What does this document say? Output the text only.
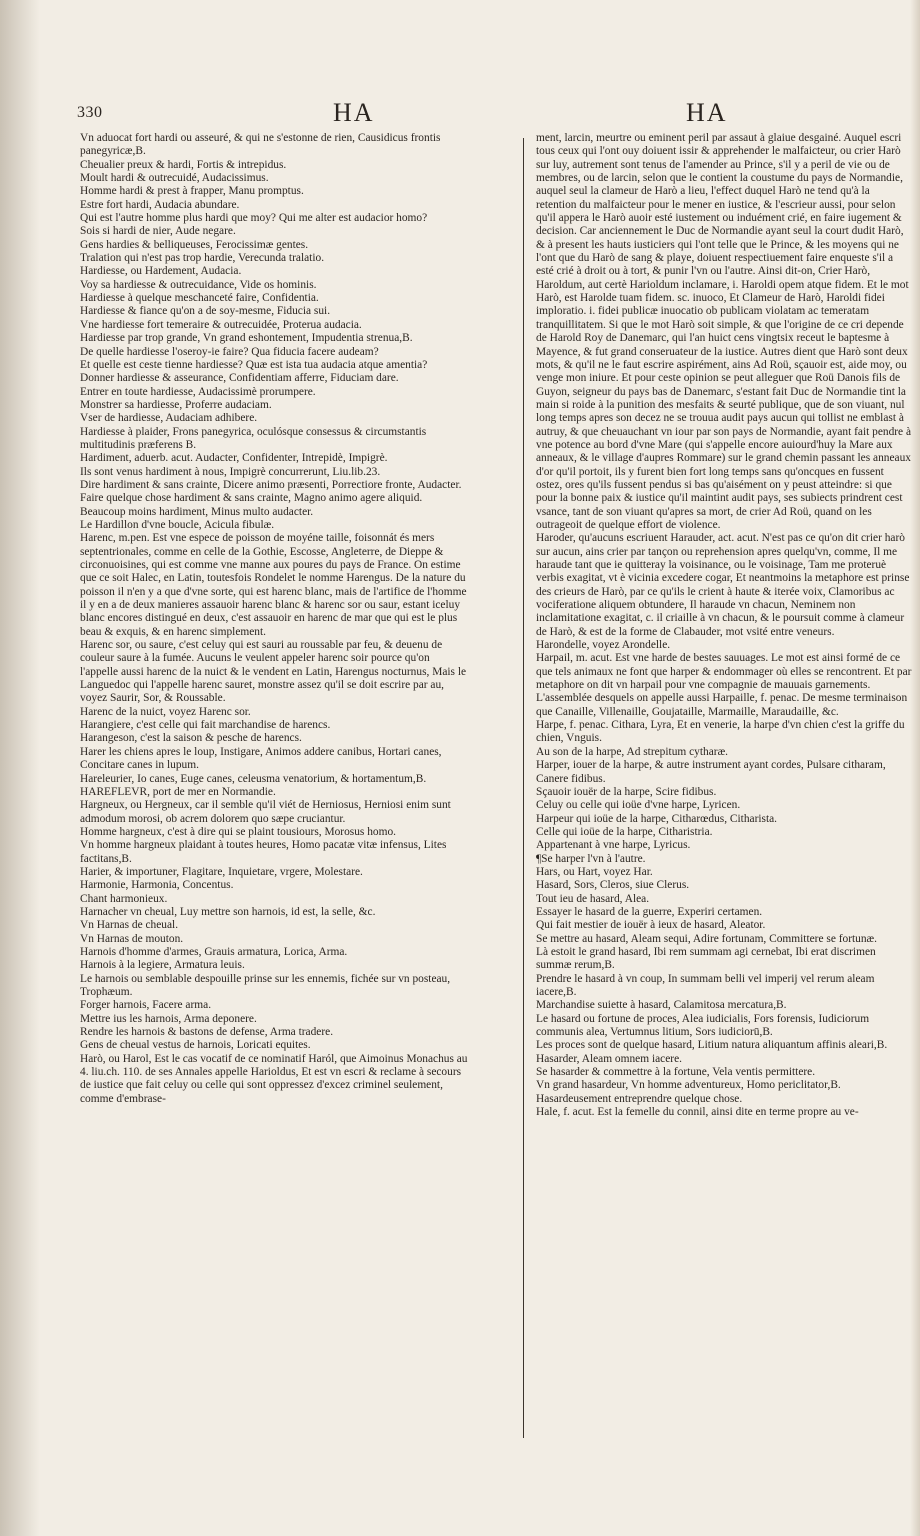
330	HA	HA
Vn aduocat fort hardi ou asseuré, & qui ne s'estonne de rien, Causidicus frontis panegyricæ,B.
Cheualier preux & hardi, Fortis & intrepidus.
Moult hardi & outrecuidé, Audacissimus.
Homme hardi & prest à frapper, Manu promptus.
Estre fort hardi, Audacia abundare.
Qui est l'autre homme plus hardi que moy? Qui me alter est audacior homo?
Sois si hardi de nier, Aude negare.
Gens hardies & belliqueuses, Ferocissimæ gentes.
Tralation qui n'est pas trop hardie, Verecunda tralatio.
Hardiesse, ou Hardement, Audacia.
Voy sa hardiesse & outrecuidance, Vide os hominis.
Hardiesse à quelque meschanceté faire, Confidentia.
Hardiesse & fiance qu'on a de soy-mesme, Fiducia sui.
Vne hardiesse fort temeraire & outrecuidée, Proterua audacia.
Hardiesse par trop grande, Vn grand eshontement, Impudentia strenua,B.
De quelle hardiesse l'oseroy-ie faire? Qua fiducia facere audeam?
Et quelle est ceste tienne hardiesse? Quæ est ista tua audacia atque amentia?
Donner hardiesse & asseurance, Confidentiam afferre, Fiduciam dare.
Entrer en toute hardiesse, Audacissimè prorumpere.
Monstrer sa hardiesse, Proferre audaciam.
Vser de hardiesse, Audaciam adhibere.
Hardiesse à plaider, Frons panegyrica, oculósque consessus & circumstantis multitudinis præferens B.
Hardiment, aduerb. acut. Audacter, Confidenter, Intrepidè, Impigrè.
Ils sont venus hardiment à nous, Impigrè concurrerunt, Liu.lib.23.
Dire hardiment & sans crainte, Dicere animo præsenti, Porrectiore fronte, Audacter.
Faire quelque chose hardiment & sans crainte, Magno animo agere aliquid.
Beaucoup moins hardiment, Minus multo audacter.
Le Hardillon d'vne boucle, Acicula fibulæ.
Harenc, m.pen. Est vne espece de poisson de moyéne taille, foisonnát és mers septentrionales, comme en celle de la Gothie, Escosse, Angleterre, de Dieppe & circonuoisines, qui est comme vne manne aux poures du pays de France. On estime que ce soit Halec, en Latin, toutesfois Rondelet le nomme Harengus. De la nature du poisson il n'en y a que d'vne sorte, qui est harenc blanc, mais de l'artifice de l'homme il y en a de deux manieres assauoir harenc blanc & harenc sor ou saur, estant iceluy blanc encores distingué en deux, c'est assauoir en harenc de mar que qui est le plus beau & exquis, & en harenc simplement.
Harenc sor, ou saure, c'est celuy qui est sauri au roussable par feu, & deuenu de couleur saure à la fumée. Aucuns le veulent appeler harenc soir pource qu'on l'appelle aussi harenc de la nuict & le vendent en Latin, Harengus nocturnus, Mais le Languedoc qui l'appelle harenc sauret, monstre assez qu'il se doit escrire par au, voyez Saurir, Sor, & Roussable.
Harenc de la nuict, voyez Harenc sor.
Harangiere, c'est celle qui fait marchandise de harencs.
Harangeson, c'est la saison & pesche de harencs.
Harer les chiens apres le loup, Instigare, Animos addere canibus, Hortari canes, Concitare canes in lupum.
Hareleurier, Io canes, Euge canes, celeusma venatorium, & hortamentum,B.
HAREFLEVR, port de mer en Normandie.
Hargneux, ou Hergneux, car il semble qu'il viét de Herniosus, Herniosi enim sunt admodum morosi, ob acrem dolorem quo sæpe cruciantur.
Homme hargneux, c'est à dire qui se plaint tousiours, Morosus homo.
Vn homme hargneux plaidant à toutes heures, Homo pacatæ vitæ infensus, Lites factitans,B.
Harier, & importuner, Flagitare, Inquietare, vrgere, Molestare.
Harmonie, Harmonia, Concentus.
Chant harmonieux.
Harnacher vn cheual, Luy mettre son harnois, id est, la selle, &c.
Vn Harnas de cheual.
Vn Harnas de mouton.
Harnois d'homme d'armes, Grauis armatura, Lorica, Arma.
Harnois à la legiere, Armatura leuis.
Le harnois ou semblable despouille prinse sur les ennemis, fichée sur vn posteau, Trophæum.
Forger harnois, Facere arma.
Mettre ius les harnois, Arma deponere.
Rendre les harnois & bastons de defense, Arma tradere.
Gens de cheual vestus de harnois, Loricati equites.
Harò, ou Harol, Est le cas vocatif de ce nominatif Haról, que Aimoinus Monachus au 4. liu.ch. 110. de ses Annales appelle Harioldus, Et est vn escri & reclame à secours de iustice que fait celuy ou celle qui sont oppressez d'excez criminel seulement, comme d'embrase-
ment, larcin, meurtre ou eminent peril par assaut à glaiue desgainé. Auquel escri tous ceux qui l'ont ouy doiuent issir & apprehender le malfaicteur, ou crier Harò sur luy, autrement sont tenus de l'amender au Prince, s'il y a peril de vie ou de membres, ou de larcin, selon que le contient la coustume du pays de Normandie, auquel seul la clameur de Harò a lieu, l'effect duquel Harò ne tend qu'à la retention du malfaicteur pour le mener en iustice, & l'escrieur aussi, pour selon qu'il appera le Harò auoir esté iustement ou induément crié, en faire iugement & decision. Car anciennement le Duc de Normandie ayant seul la court dudit Harò, & à present les hauts iusticiers qui l'ont telle que le Prince, & les moyens qui ne l'ont que du Harò de sang & playe, doiuent respectiuement faire enqueste s'il a esté crié à droit ou à tort, & punir l'vn ou l'autre. Ainsi dit-on, Crier Harò, Haroldum, aut certè Harioldum inclamare, i. Haroldi opem atque fidem. Et le mot Harò, est Harolde tuam fidem. sc. inuoco, Et Clameur de Harò, Haroldi fidei imploratio. i. fidei publicæ inuocatio ob publicam violatam ac temeratam tranquillitatem. Si que le mot Harò soit simple, & que l'origine de ce cri depende de Harold Roy de Danemarc, qui l'an huict cens vingtsix receut le baptesme à Mayence, & fut grand conseruateur de la iustice. Autres dient que Harò sont deux mots, & qu'il ne le faut escrire aspirément, ains Ad Roü, sçauoir est, aide moy, ou venge mon iniure. Et pour ceste opinion se peut alleguer que Roü Danois fils de Guyon, seigneur du pays bas de Danemarc, s'estant fait Duc de Normandie tint la main si roide à la punition des mesfaits & seurté publique, que de son viuant, nul long temps apres son decez ne se trouua audit pays aucun qui tollist ne emblast à autruy, & que cheuauchant vn iour par son pays de Normandie, ayant fait pendre à vne potence au bord d'vne Mare (qui s'appelle encore auiourd'huy la Mare aux anneaux, & le village d'aupres Rommare) sur le grand chemin passant les anneaux d'or qu'il portoit, ils y furent bien fort long temps sans qu'oncques en fussent ostez, ores qu'ils fussent pendus si bas qu'aisément on y peust atteindre: si que pour la bonne paix & iustice qu'il maintint audit pays, ses subiects prindrent cest vsance, tant de son viuant qu'apres sa mort, de crier Ad Roü, quand on les outrageoit de quelque effort de violence.
Haroder, qu'aucuns escriuent Harauder, act. acut. N'est pas ce qu'on dit crier harò sur aucun, ains crier par tançon ou reprehension apres quelqu'vn, comme, Il me haraude tant que ie quitteray la voisinance, ou le voisinage, Tam me proteruè verbis exagitat, vt è vicinia excedere cogar, Et neantmoins la metaphore est prinse des crieurs de Harò, par ce qu'ils le crient à haute & iterée voix, Clamoribus ac vociferatione aliquem obtundere, Il haraude vn chacun, Neminem non inclamitatione exagitat, c. il criaille à vn chacun, & le poursuit comme à clameur de Harò, & est de la forme de Clabauder, mot vsité entre veneurs.
Harondelle, voyez Arondelle.
Harpail, m. acut. Est vne harde de bestes sauuages. Le mot est ainsi formé de ce que tels animaux ne font que harper & endommager où elles se rencontrent. Et par metaphore on dit vn harpail pour vne compagnie de mauuais garnements. L'assemblée desquels on appelle aussi Harpaille, f. penac. De mesme terminaison que Canaille, Villenaille, Goujataille, Marmaille, Maraudaille, &c.
Harpe, f. penac. Cithara, Lyra, Et en venerie, la harpe d'vn chien c'est la griffe du chien, Vnguis.
Au son de la harpe, Ad strepitum cytharæ.
Harper, iouer de la harpe, & autre instrument ayant cordes, Pulsare citharam, Canere fidibus.
Sçauoir iouër de la harpe, Scire fidibus.
Celuy ou celle qui ioüe d'vne harpe, Lyricen.
Harpeur qui ioüe de la harpe, Citharœdus, Citharista.
Celle qui ioüe de la harpe, Citharistria.
Appartenant à vne harpe, Lyricus.
¶Se harper l'vn à l'autre.
Hars, ou Hart, voyez Har.
Hasard, Sors, Cleros, siue Clerus.
Tout ieu de hasard, Alea.
Essayer le hasard de la guerre, Experiri certamen.
Qui fait mestier de iouër à ieux de hasard, Aleator.
Se mettre au hasard, Aleam sequi, Adire fortunam, Committere se fortunæ.
Là estoit le grand hasard, Ibi rem summam agi cernebat, Ibi erat discrimen summæ rerum,B.
Prendre le hasard à vn coup, In summam belli vel imperij vel rerum aleam iacere,B.
Marchandise suiette à hasard, Calamitosa mercatura,B.
Le hasard ou fortune de proces, Alea iudicialis, Fors forensis, Iudiciorum communis alea, Vertumnus litium, Sors iudiciorū,B.
Les proces sont de quelque hasard, Litium natura aliquantum affinis aleari,B.
Hasarder, Aleam omnem iacere.
Se hasarder & commettre à la fortune, Vela ventis permittere.
Vn grand hasardeur, Vn homme adventureux, Homo periclitator,B.
Hasardeusement entreprendre quelque chose.
Hale, f. acut. Est la femelle du connil, ainsi dite en terme propre au ve-
